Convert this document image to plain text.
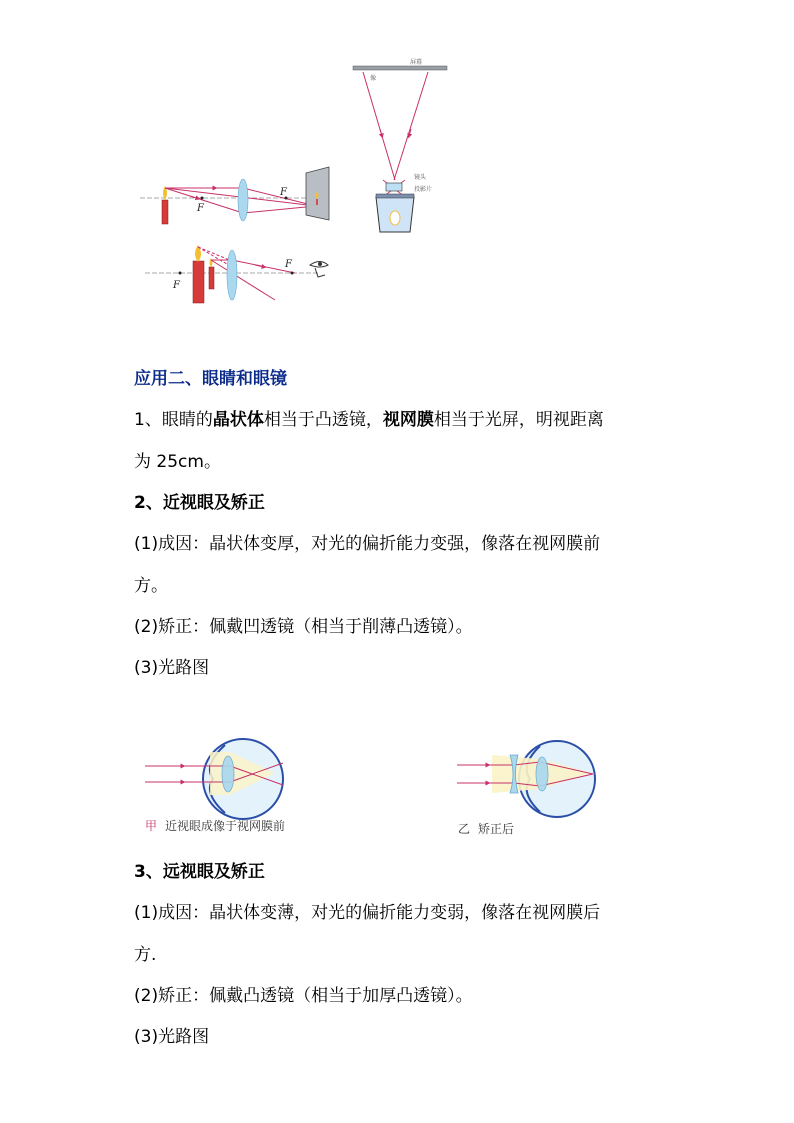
屏幕
像
镜头
投影片
F
F
F
F
应用二、眼睛和眼镜
1、眼睛的晶状体相当于凸透镜，视网膜相当于光屏，明视距离
为 25cm。
2、近视眼及矫正
(1)成因：晶状体变厚，对光的偏折能力变强，像落在视网膜前
方。
(2)矫正：佩戴凹透镜（相当于削薄凸透镜）。
(3)光路图
甲 近视眼成像于视网膜前	乙 矫正后
3、远视眼及矫正
(1)成因：晶状体变薄，对光的偏折能力变弱，像落在视网膜后
方.
(2)矫正：佩戴凸透镜（相当于加厚凸透镜）。
(3)光路图
